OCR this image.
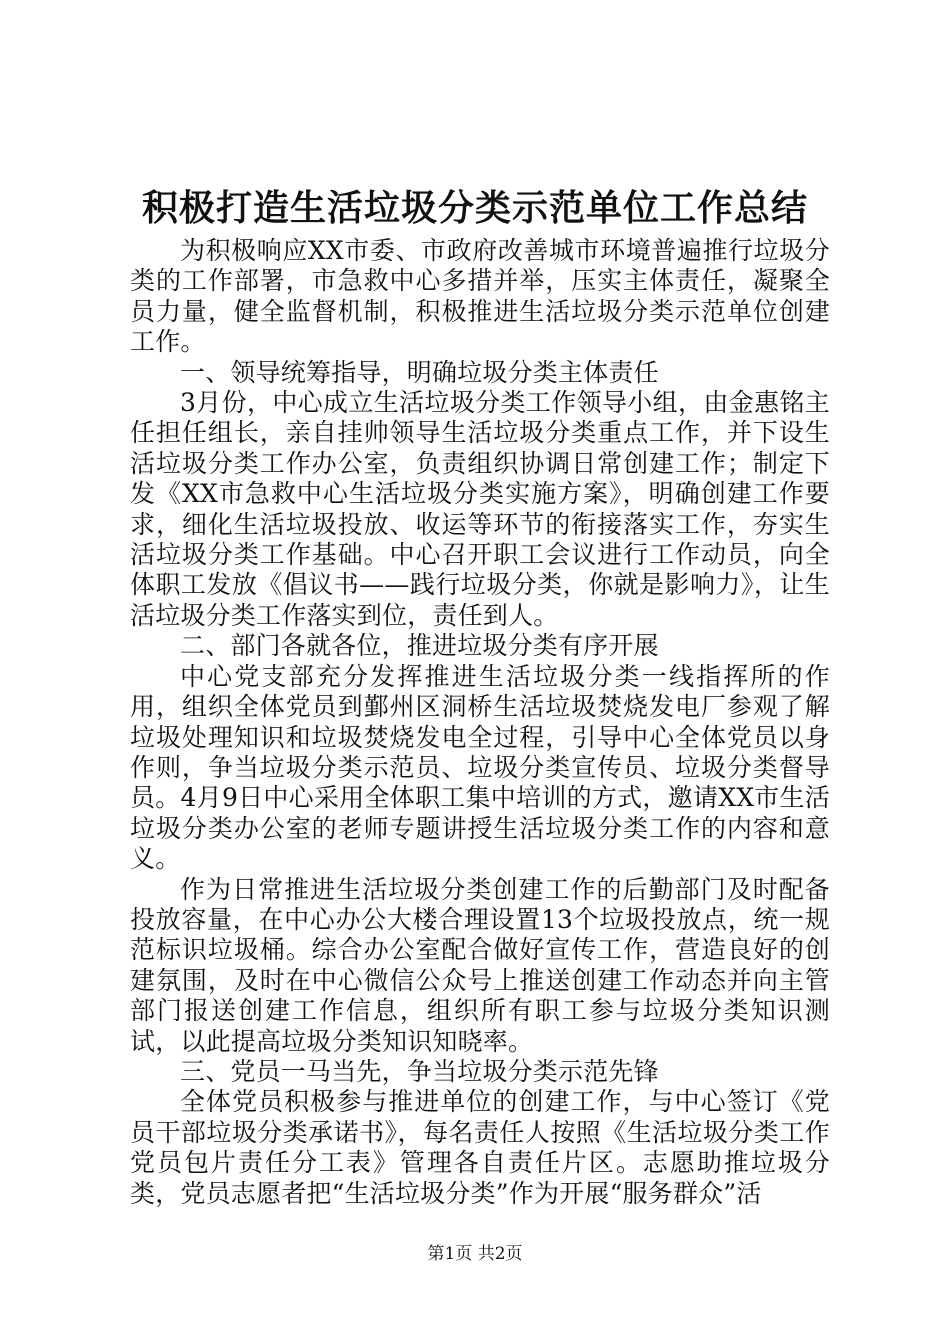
积极打造生活垃圾分类示范单位工作总结

为积极响应XX市委、市政府改善城市环境普遍推行垃圾分类的工作部署，市急救中心多措并举，压实主体责任，凝聚全员力量，健全监督机制，积极推进生活垃圾分类示范单位创建工作。

一、领导统筹指导，明确垃圾分类主体责任

3月份，中心成立生活垃圾分类工作领导小组，由金惠铭主任担任组长，亲自挂帅领导生活垃圾分类重点工作，并下设生活垃圾分类工作办公室，负责组织协调日常创建工作；制定下发《XX市急救中心生活垃圾分类实施方案》，明确创建工作要求，细化生活垃圾投放、收运等环节的衔接落实工作，夯实生活垃圾分类工作基础。中心召开职工会议进行工作动员，向全体职工发放《倡议书——践行垃圾分类，你就是影响力》，让生活垃圾分类工作落实到位，责任到人。

二、部门各就各位，推进垃圾分类有序开展

中心党支部充分发挥推进生活垃圾分类一线指挥所的作用，组织全体党员到鄞州区洞桥生活垃圾焚烧发电厂参观了解垃圾处理知识和垃圾焚烧发电全过程，引导中心全体党员以身作则，争当垃圾分类示范员、垃圾分类宣传员、垃圾分类督导员。4月9日中心采用全体职工集中培训的方式，邀请XX市生活垃圾分类办公室的老师专题讲授生活垃圾分类工作的内容和意义。

作为日常推进生活垃圾分类创建工作的后勤部门及时配备投放容量，在中心办公大楼合理设置13个垃圾投放点，统一规范标识垃圾桶。综合办公室配合做好宣传工作，营造良好的创建氛围，及时在中心微信公众号上推送创建工作动态并向主管部门报送创建工作信息，组织所有职工参与垃圾分类知识测试，以此提高垃圾分类知识知晓率。

三、党员一马当先，争当垃圾分类示范先锋

全体党员积极参与推进单位的创建工作，与中心签订《党员干部垃圾分类承诺书》，每名责任人按照《生活垃圾分类工作党员包片责任分工表》管理各自责任片区。志愿助推垃圾分类，党员志愿者把“生活垃圾分类”作为开展“服务群众”活

第1页 共2页
